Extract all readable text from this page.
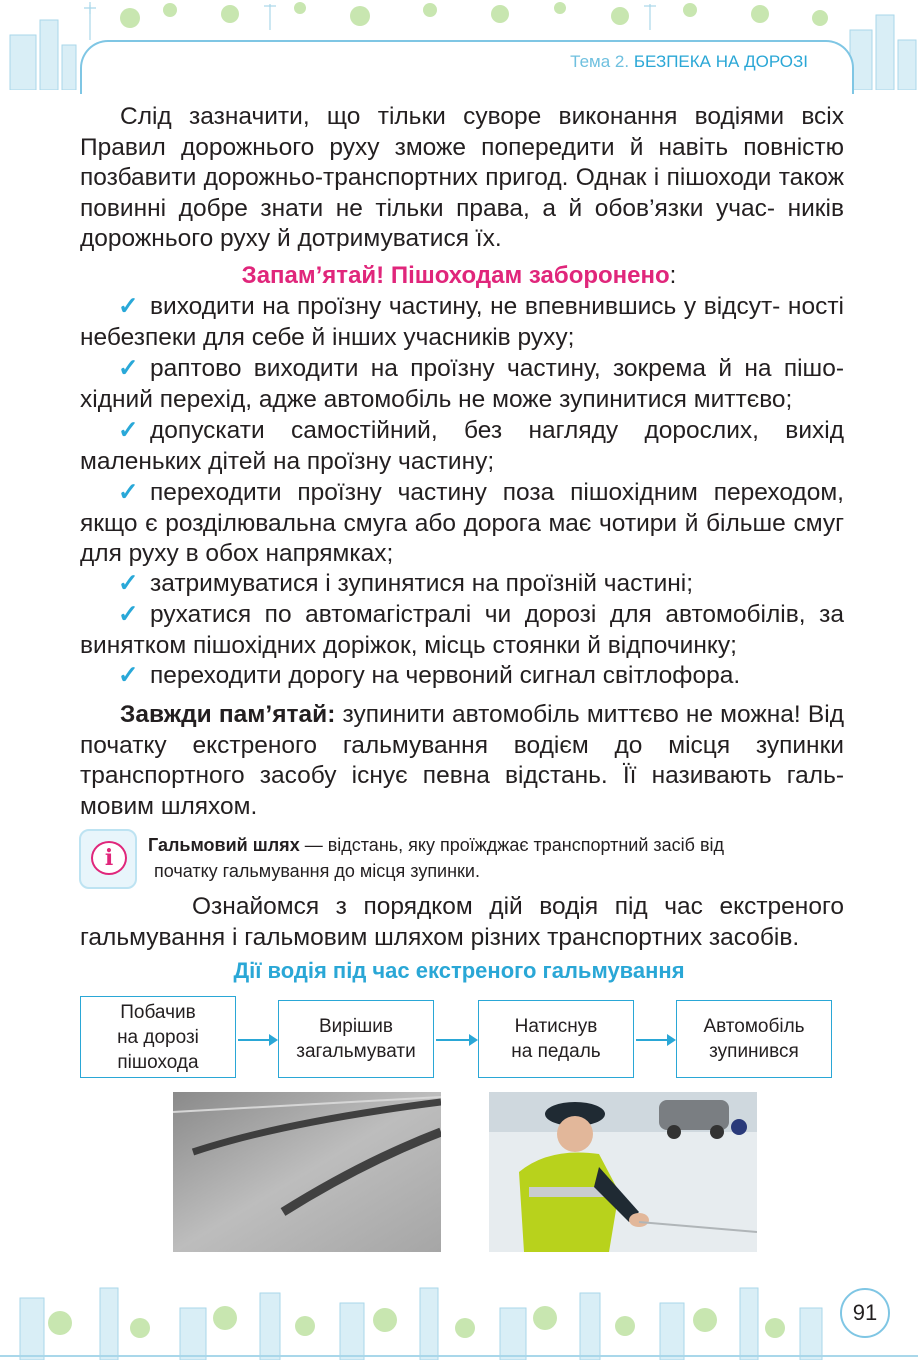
Тема 2. БЕЗПЕКА НА ДОРОЗІ

Слід зазначити, що тільки суворе виконання водіями всіх Правил дорожнього руху зможе попередити й навіть повністю позбавити дорожньо-транспортних пригод. Однак і пішоходи також повинні добре знати не тільки права, а й обов’язки учас- ників дорожнього руху й дотримуватися їх.

Запам’ятай! Пішоходам заборонено:

✓ виходити на проїзну частину, не впевнившись у відсут- ності небезпеки для себе й інших учасників руху;

✓ раптово виходити на проїзну частину, зокрема й на пішо- хідний перехід, адже автомобіль не може зупинитися миттєво;

✓ допускати самостійний, без нагляду дорослих, вихід маленьких дітей на проїзну частину;

✓ переходити проїзну частину поза пішохідним переходом, якщо є розділювальна смуга або дорога має чотири й більше смуг для руху в обох напрямках;

✓ затримуватися і зупинятися на проїзній частині;

✓ рухатися по автомагістралі чи дорозі для автомобілів, за винятком пішохідних доріжок, місць стоянки й відпочинку;

✓ переходити дорогу на червоний сигнал світлофора.

Завжди пам’ятай: зупинити автомобіль миттєво не можна! Від початку екстреного гальмування водієм до місця зупинки транспортного засобу існує певна відстань. Її називають галь- мовим шляхом.

i	Гальмовий шлях — відстань, яку проїжджає транспортний засіб від
початку гальмування до місця зупинки.

Ознайомся з порядком дій водія під час екстреного
гальмування і гальмовим шляхом різних транспортних засобів.

Дії водія під час екстреного гальмування
Побачив
на дорозі
пішохода
Вирішив
загальмувати
Натиснув
на педаль
Автомобіль
зупинився
91
